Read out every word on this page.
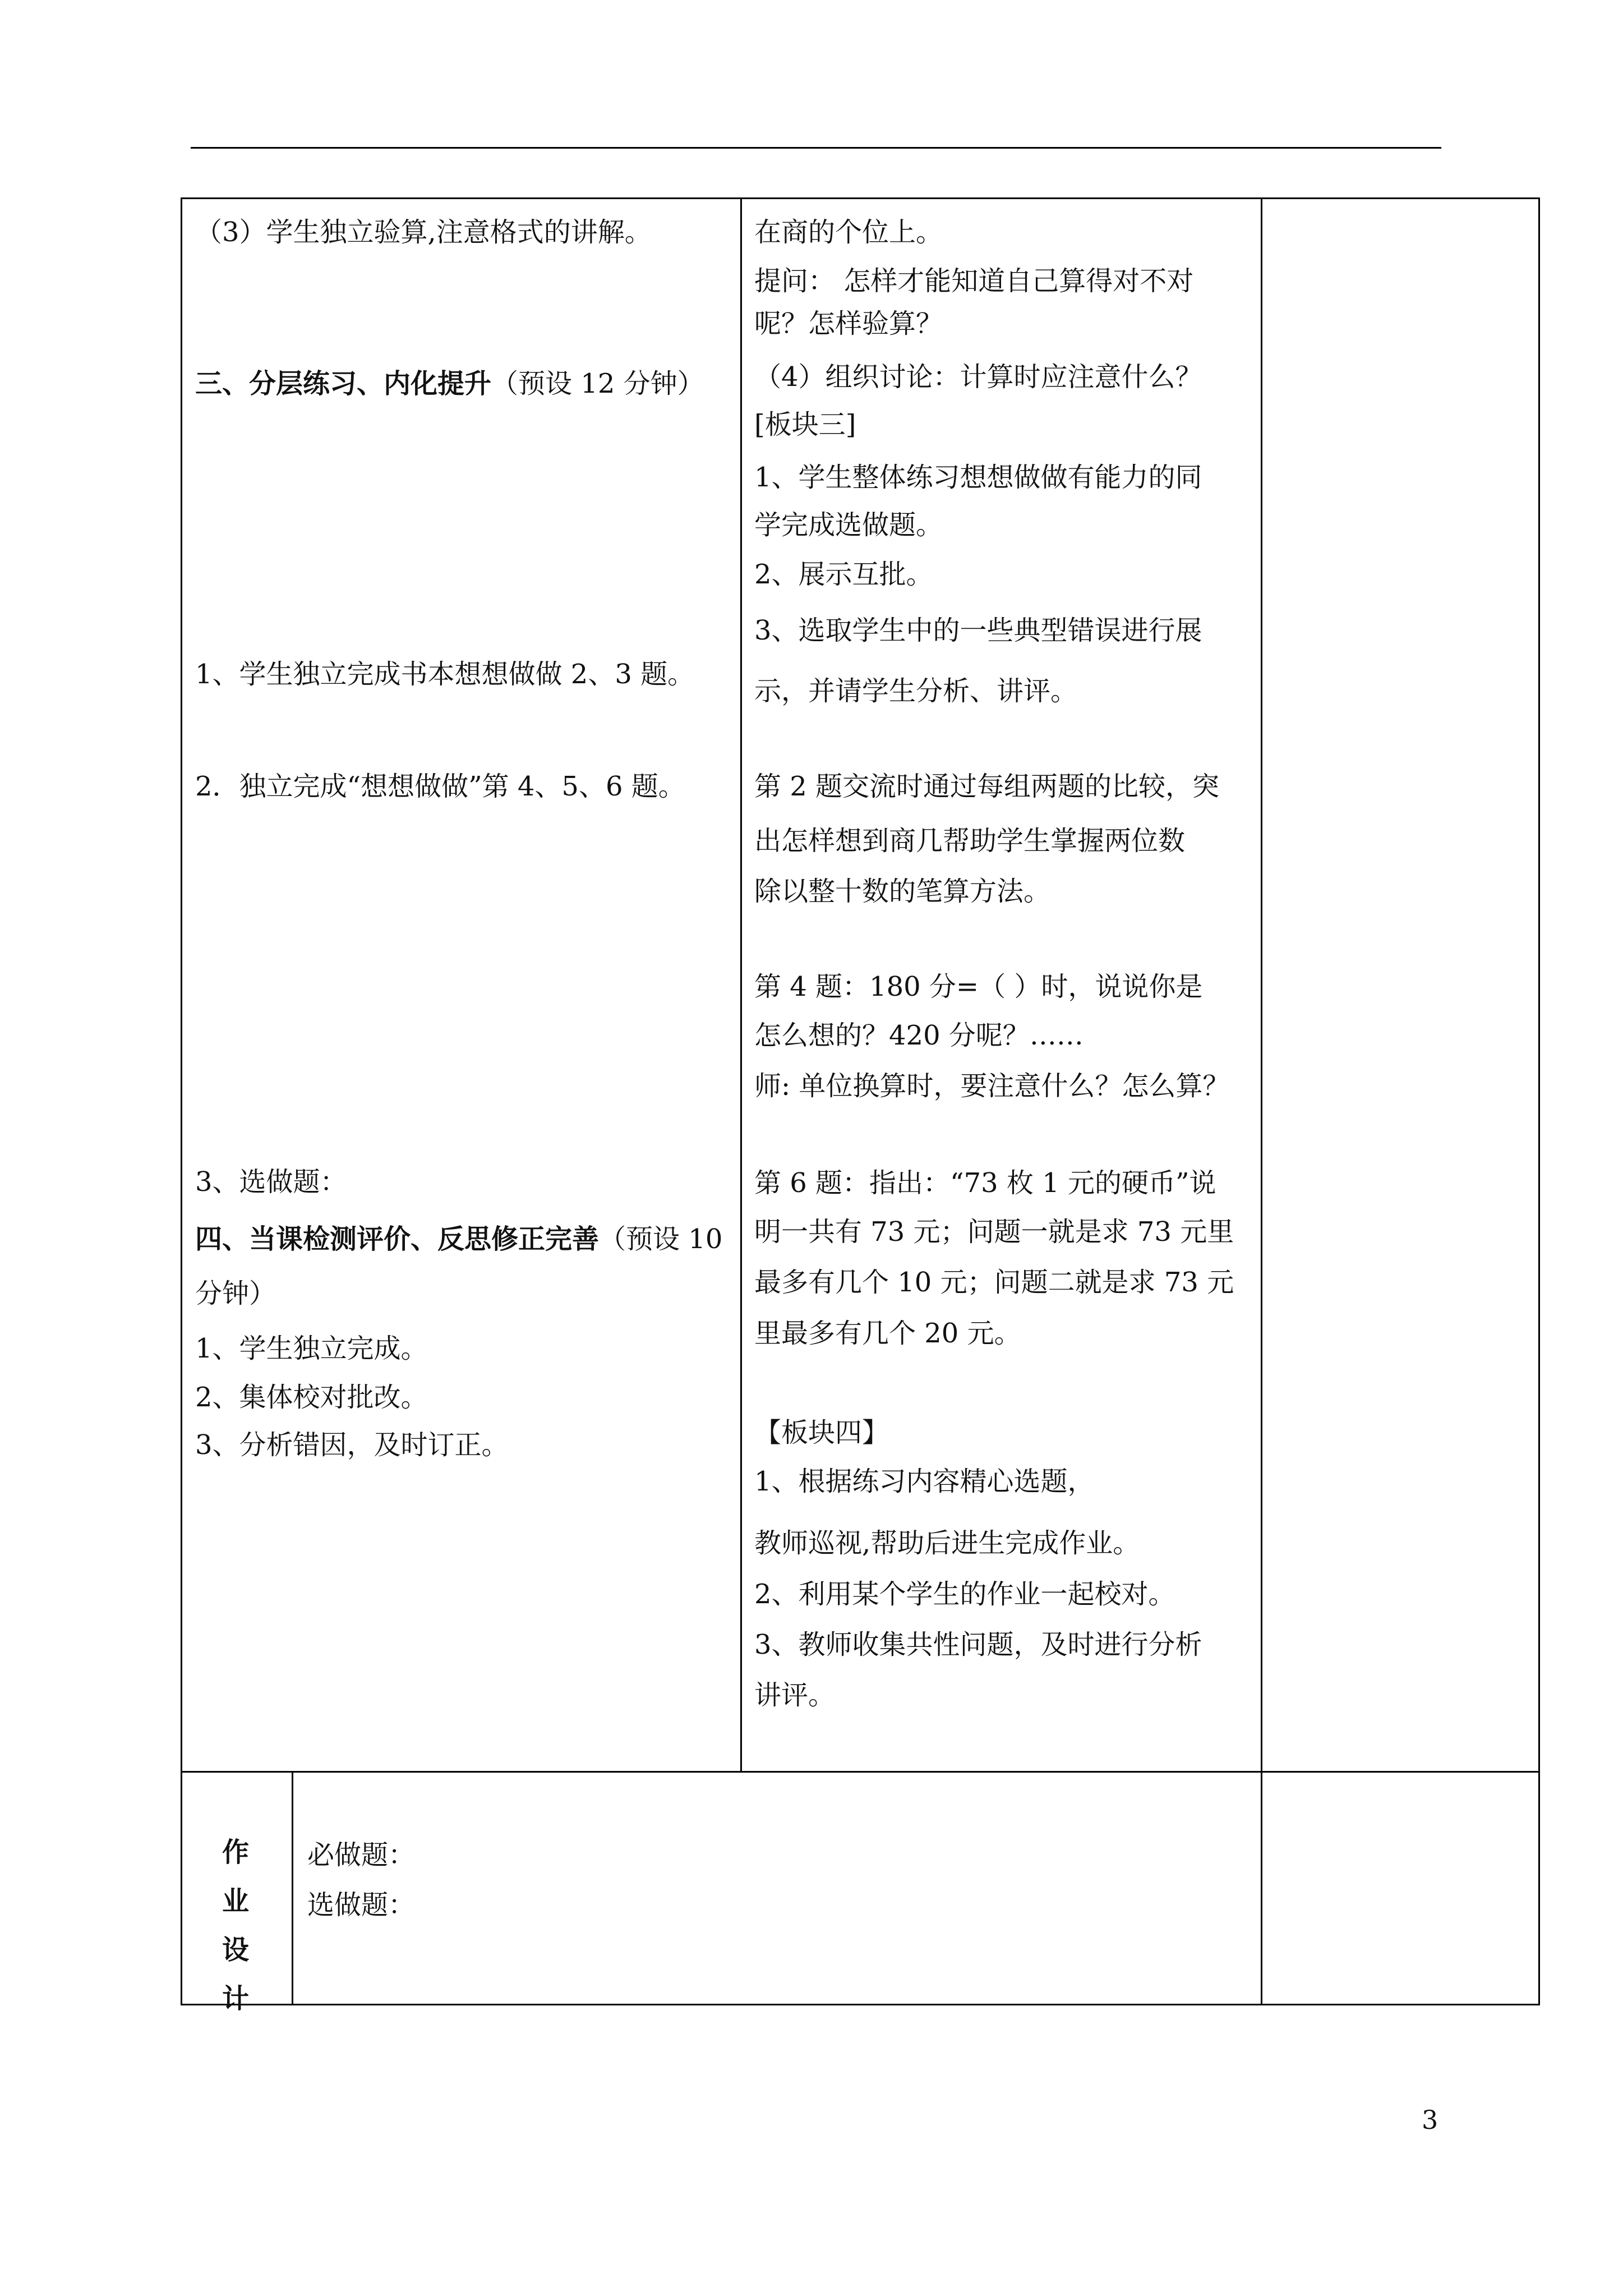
（3）学生独立验算,注意格式的讲解。
三、分层练习、内化提升（预设 12 分钟）
1、学生独立完成书本想想做做 2、3 题。
2．独立完成“想想做做”第 4、5、6 题。
3、选做题：
四、当课检测评价、反思修正完善（预设 10
分钟）
1、学生独立完成。
2、集体校对批改。
3、分析错因，及时订正。
在商的个位上。
提问： 怎样才能知道自己算得对不对
呢？怎样验算？
（4）组织讨论：计算时应注意什么？
[板块三]
1、学生整体练习想想做做有能力的同
学完成选做题。
2、展示互批。
3、选取学生中的一些典型错误进行展
示，并请学生分析、讲评。
第 2 题交流时通过每组两题的比较，突
出怎样想到商几帮助学生掌握两位数
除以整十数的笔算方法。
第 4 题：180 分=（ ）时，说说你是
怎么想的？420 分呢？……
师: 单位换算时，要注意什么？怎么算？
第 6 题：指出：“73 枚 1 元的硬币”说
明一共有 73 元；问题一就是求 73 元里
最多有几个 10 元；问题二就是求 73 元
里最多有几个 20 元。
【板块四】
1、根据练习内容精心选题，
教师巡视,帮助后进生完成作业。
2、利用某个学生的作业一起校对。
3、教师收集共性问题，及时进行分析
讲评。
作
业
设
计
必做题：
选做题：
3
